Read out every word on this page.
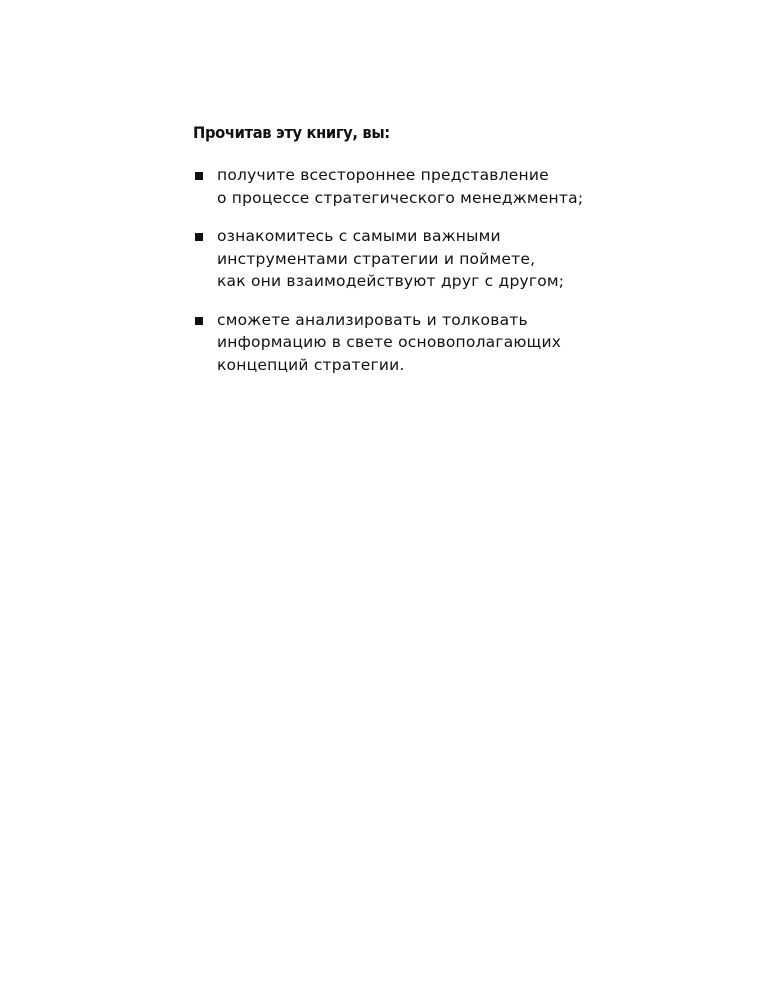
Прочитав эту книгу, вы:
получите всестороннее представление
о процессе стратегического менеджмента;
ознакомитесь с самыми важными
инструментами стратегии и поймете,
как они взаимодействуют друг с другом;
сможете анализировать и толковать
информацию в свете основополагающих
концепций стратегии.
